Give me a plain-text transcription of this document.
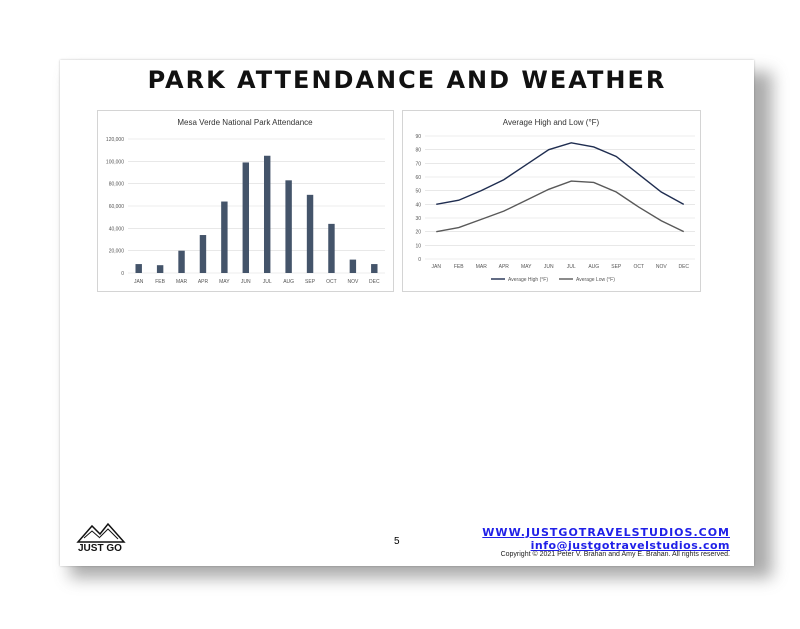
PARK ATTENDANCE AND WEATHER
Mesa Verde National Park Attendance
0
20,000
40,000
60,000
80,000
100,000
120,000
JAN FEB MAR APR MAY JUN JUL AUG SEP OCT NOV DEC
Average High and Low (°F)
0
10
20
30
40
50
60
70
80
90
JAN	FEB MAR APR MAY JUN	JUL	AUG SEP OCT NOV DEC
Average High (°F)	Average Low (°F)
JUST GO
5
WWW.JUSTGOTRAVELSTUDIOS.COM
info@justgotravelstudios.com
Copyright © 2021 Peter V. Brahan and Amy E. Brahan. All rights reserved.
